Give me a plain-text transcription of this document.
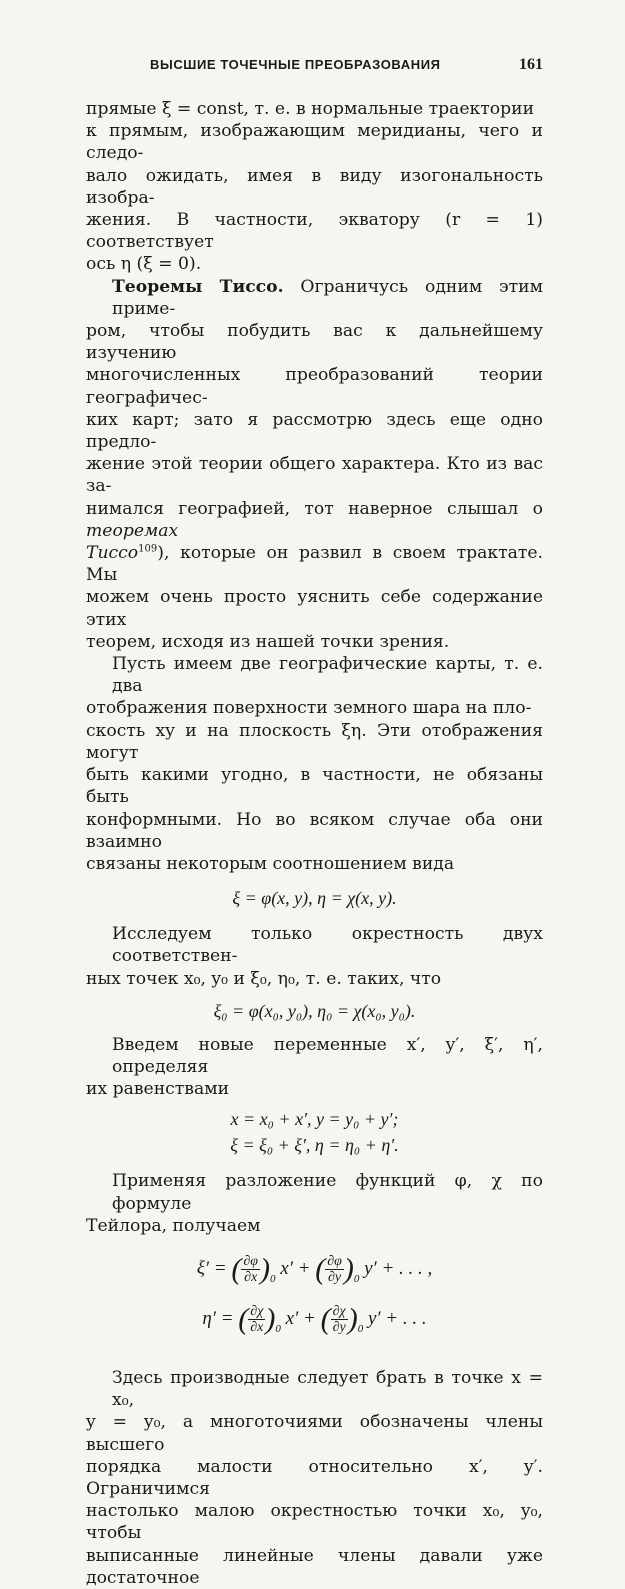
ВЫСШИЕ ТОЧЕЧНЫЕ ПРЕОБРАЗОВАНИЯ	161

прямые ξ = const, т. е. в нормальные траектории
к прямым, изображающим меридианы, чего и следо-
вало ожидать, имея в виду изогональность изобра-
жения. В частности, экватору (r = 1) соответствует
ось η (ξ = 0).

Теоремы Тиссо. Ограничусь одним этим приме-
ром, чтобы побудить вас к дальнейшему изучению
многочисленных преобразований теории географичес-
ких карт; зато я рассмотрю здесь еще одно предло-
жение этой теории общего характера. Кто из вас за-
нимался географией, тот наверное слышал о теоремах
Тиссо$^{109}$), которые он развил в своем трактате. Мы
можем очень просто уяснить себе содержание этих
теорем, исходя из нашей точки зрения.

Пусть имеем две географические карты, т. е. два
отображения поверхности земного шара на пло-
скость xy и на плоскость ξη. Эти отображения могут
быть какими угодно, в частности, не обязаны быть
конформными. Но во всяком случае оба они взаимно
связаны некоторым соотношением вида

ξ = φ(x, y), η = χ(x, y).

Исследуем только окрестность двух соответствен-
ных точек x₀, y₀ и ξ₀, η₀, т. е. таких, что

ξ₀ = φ(x₀, y₀), η₀ = χ(x₀, y₀).

Введем новые переменные x′, y′, ξ′, η′, определяя
их равенствами

x = x₀ + x′, y = y₀ + y′;
ξ = ξ₀ + ξ′, η = η₀ + η′.

Применяя разложение функций φ, χ по формуле
Тейлора, получаем

ξ′ = ( $\frac{\partial\varphi}{\partial x} )_0$ x′ + ( $\frac{\partial\varphi}{\partial y} )_0$ y′ + . . . ,
η′ = ( $\frac{\partial\chi}{\partial x} )_0$ x′ + ( $\frac{\partial\chi}{\partial y} )_0$ y′ + . . .

Здесь производные следует брать в точке x = x₀,
y = y₀, а многоточиями обозначены члены высшего
порядка малости относительно x′, y′. Ограничимся
настолько малою окрестностью точки x₀, y₀, чтобы
выписанные линейные члены давали уже достаточное
